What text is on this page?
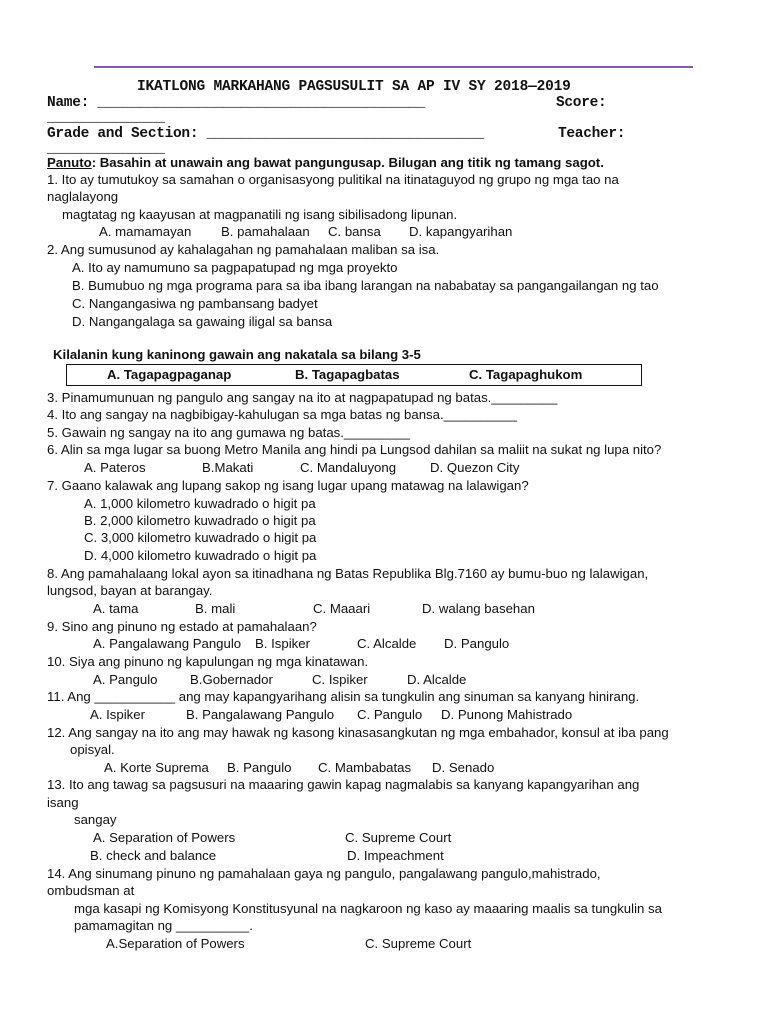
IKATLONG MARKAHANG PAGSUSULIT SA AP IV SY 2018—2019
Name: _______________________________________	Score:
______________
Grade and Section: _________________________________	Teacher:
______________
Panuto: Basahin at unawain ang bawat pangungusap. Bilugan ang titik ng tamang sagot.
1. Ito ay tumutukoy sa samahan o organisasyong pulitikal na itinataguyod ng grupo ng mga tao na
naglalayong
magtatag ng kaayusan at magpanatili ng isang sibilisadong lipunan.
A. mamamayan B. pamahalaan C. bansa D. kapangyarihan
2. Ang sumusunod ay kahalagahan ng pamahalaan maliban sa isa.
A. Ito ay namumuno sa pagpapatupad ng mga proyekto
B. Bumubuo ng mga programa para sa iba ibang larangan na nababatay sa pangangailangan ng tao
C. Nangangasiwa ng pambansang badyet
D. Nangangalaga sa gawaing iligal sa bansa
Kilalanin kung kaninong gawain ang nakatala sa bilang 3-5
A. Tagapagpaganap	B. Tagapagbatas	C. Tagapaghukom
3. Pinamumunuan ng pangulo ang sangay na ito at nagpapatupad ng batas._________
4. Ito ang sangay na nagbibigay-kahulugan sa mga batas ng bansa.__________
5. Gawain ng sangay na ito ang gumawa ng batas._________
6. Alin sa mga lugar sa buong Metro Manila ang hindi pa Lungsod dahilan sa maliit na sukat ng lupa nito?
A. Pateros	B.Makati	C. Mandaluyong	D. Quezon City
7. Gaano kalawak ang lupang sakop ng isang lugar upang matawag na lalawigan?
A. 1,000 kilometro kuwadrado o higit pa
B. 2,000 kilometro kuwadrado o higit pa
C. 3,000 kilometro kuwadrado o higit pa
D. 4,000 kilometro kuwadrado o higit pa
8. Ang pamahalaang lokal ayon sa itinadhana ng Batas Republika Blg.7160 ay bumu-buo ng lalawigan,
lungsod, bayan at barangay.
A. tama	B. mali	C. Maaari	D. walang basehan
9. Sino ang pinuno ng estado at pamahalaan?
A. Pangalawang Pangulo B. Ispiker	C. Alcalde D. Pangulo
10. Siya ang pinuno ng kapulungan ng mga kinatawan.
A. Pangulo B.Gobernador	C. Ispiker	D. Alcalde
11. Ang ___________ ang may kapangyarihang alisin sa tungkulin ang sinuman sa kanyang hinirang.
A. Ispiker	B. Pangalawang Pangulo C. Pangulo D. Punong Mahistrado
12. Ang sangay na ito ang may hawak ng kasong kinasasangkutan ng mga embahador, konsul at iba pang
opisyal.
A. Korte Suprema B. Pangulo C. Mambabatas D. Senado
13. Ito ang tawag sa pagsusuri na maaaring gawin kapag nagmalabis sa kanyang kapangyarihan ang
isang
sangay
A. Separation of Powers	C. Supreme Court
B. check and balance	D. Impeachment
14. Ang sinumang pinuno ng pamahalaan gaya ng pangulo, pangalawang pangulo,mahistrado,
ombudsman at
mga kasapi ng Komisyong Konstitusyunal na nagkaroon ng kaso ay maaaring maalis sa tungkulin sa
pamamagitan ng __________.
A.Separation of Powers	C. Supreme Court
